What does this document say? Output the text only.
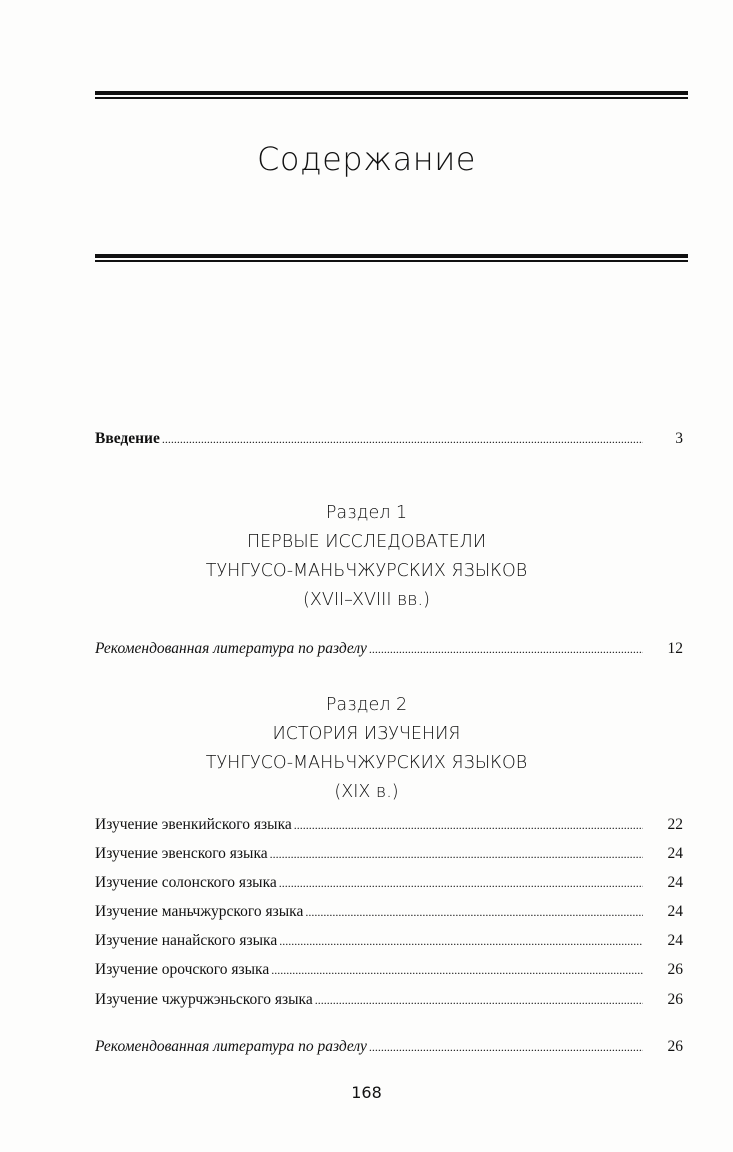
Содержание
Введение .....	3
Раздел 1
ПЕРВЫЕ ИССЛЕДОВАТЕЛИ
ТУНГУСО-МАНЬЧЖУРСКИХ ЯЗЫКОВ
(XVII–XVIII вв.)
Рекомендованная литература по разделу .....	12
Раздел 2
ИСТОРИЯ ИЗУЧЕНИЯ
ТУНГУСО-МАНЬЧЖУРСКИХ ЯЗЫКОВ
(XIX в.)
Изучение эвенкийского языка .....	22
Изучение эвенского языка .....	24
Изучение солонского языка .....	24
Изучение маньчжурского языка .....	24
Изучение нанайского языка .....	24
Изучение орочского языка .....	26
Изучение чжурчжэньского языка .....	26
Рекомендованная литература по разделу .....	26
168
